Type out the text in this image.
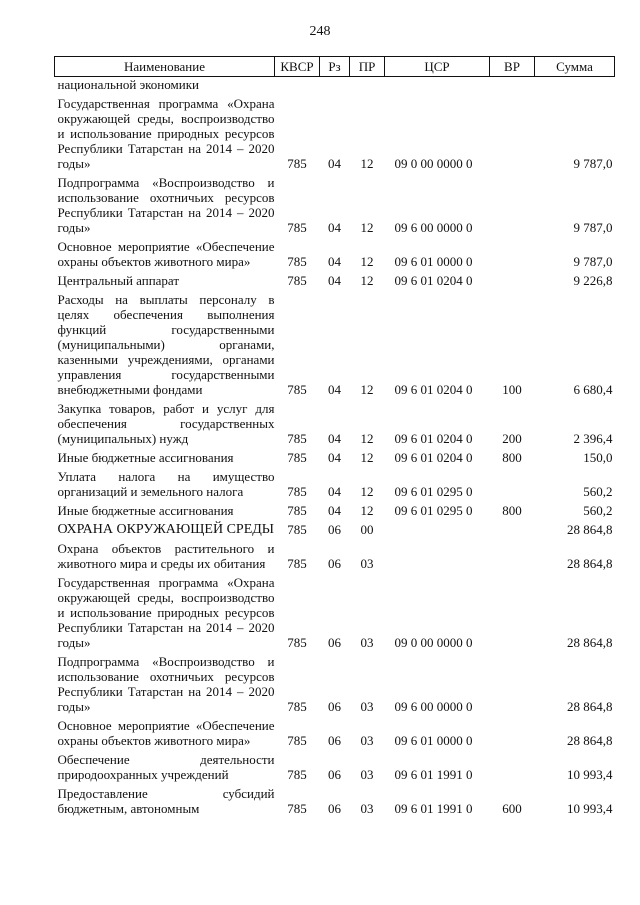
248
Наименование	КВСР	Рз	ПР	ЦСР	ВР	Сумма
национальной экономики						
Государственная программа «Охрана окружающей среды, воспроизводство и использование природных ресурсов Республики Татарстан на 2014 – 2020 годы»	785	04	12	09 0 00 0000 0		9 787,0
Подпрограмма «Воспроизводство и использование охотничьих ресурсов Республики Татарстан на 2014 – 2020 годы»	785	04	12	09 6 00 0000 0		9 787,0
Основное мероприятие «Обеспечение охраны объектов животного мира»	785	04	12	09 6 01 0000 0		9 787,0
Центральный аппарат	785	04	12	09 6 01 0204 0		9 226,8
Расходы на выплаты персоналу в целях обеспечения выполнения функций государственными (муниципальными) органами, казенными учреждениями, органами управления государственными внебюджетными фондами	785	04	12	09 6 01 0204 0	100	6 680,4
Закупка товаров, работ и услуг для обеспечения государственных (муниципальных) нужд	785	04	12	09 6 01 0204 0	200	2 396,4
Иные бюджетные ассигнования	785	04	12	09 6 01 0204 0	800	150,0
Уплата налога на имущество организаций и земельного налога	785	04	12	09 6 01 0295 0		560,2
Иные бюджетные ассигнования	785	04	12	09 6 01 0295 0	800	560,2
ОХРАНА ОКРУЖАЮЩЕЙ СРЕДЫ	785	06	00			28 864,8
Охрана объектов растительного и животного мира и среды их обитания	785	06	03			28 864,8
Государственная программа «Охрана окружающей среды, воспроизводство и использование природных ресурсов Республики Татарстан на 2014 – 2020 годы»	785	06	03	09 0 00 0000 0		28 864,8
Подпрограмма «Воспроизводство и использование охотничьих ресурсов Республики Татарстан на 2014 – 2020 годы»	785	06	03	09 6 00 0000 0		28 864,8
Основное мероприятие «Обеспечение охраны объектов животного мира»	785	06	03	09 6 01 0000 0		28 864,8
Обеспечение деятельности природоохранных учреждений	785	06	03	09 6 01 1991 0		10 993,4
Предоставление субсидий бюджетным, автономным	785	06	03	09 6 01 1991 0	600	10 993,4
